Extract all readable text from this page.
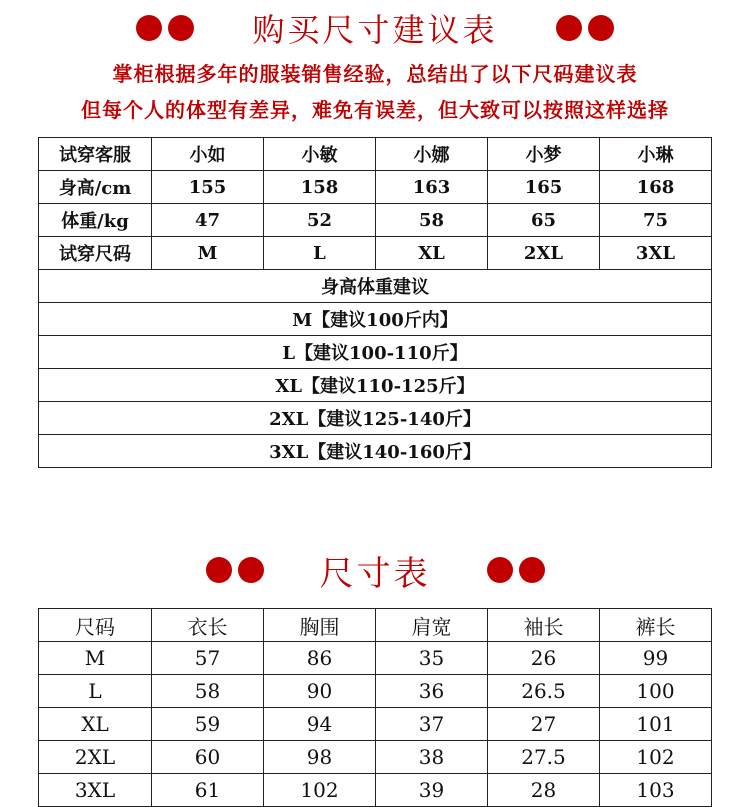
购买尺寸建议表
掌柜根据多年的服装销售经验，总结出了以下尺码建议表
但每个人的体型有差异，难免有误差，但大致可以按照这样选择
试穿客服	小如	小敏	小娜	小梦	小琳
身高/cm	155	158	163	165	168
体重/kg	47	52	58	65	75
试穿尺码	M	L	XL	2XL	3XL
身高体重建议					
M【建议100斤内】					
L【建议100-110斤】					
XL【建议110-125斤】					
2XL【建议125-140斤】					
3XL【建议140-160斤】					
尺寸表
尺码	衣长	胸围	肩宽	袖长	裤长
M	57	86	35	26	99
L	58	90	36	26.5	100
XL	59	94	37	27	101
2XL	60	98	38	27.5	102
3XL	61	102	39	28	103
